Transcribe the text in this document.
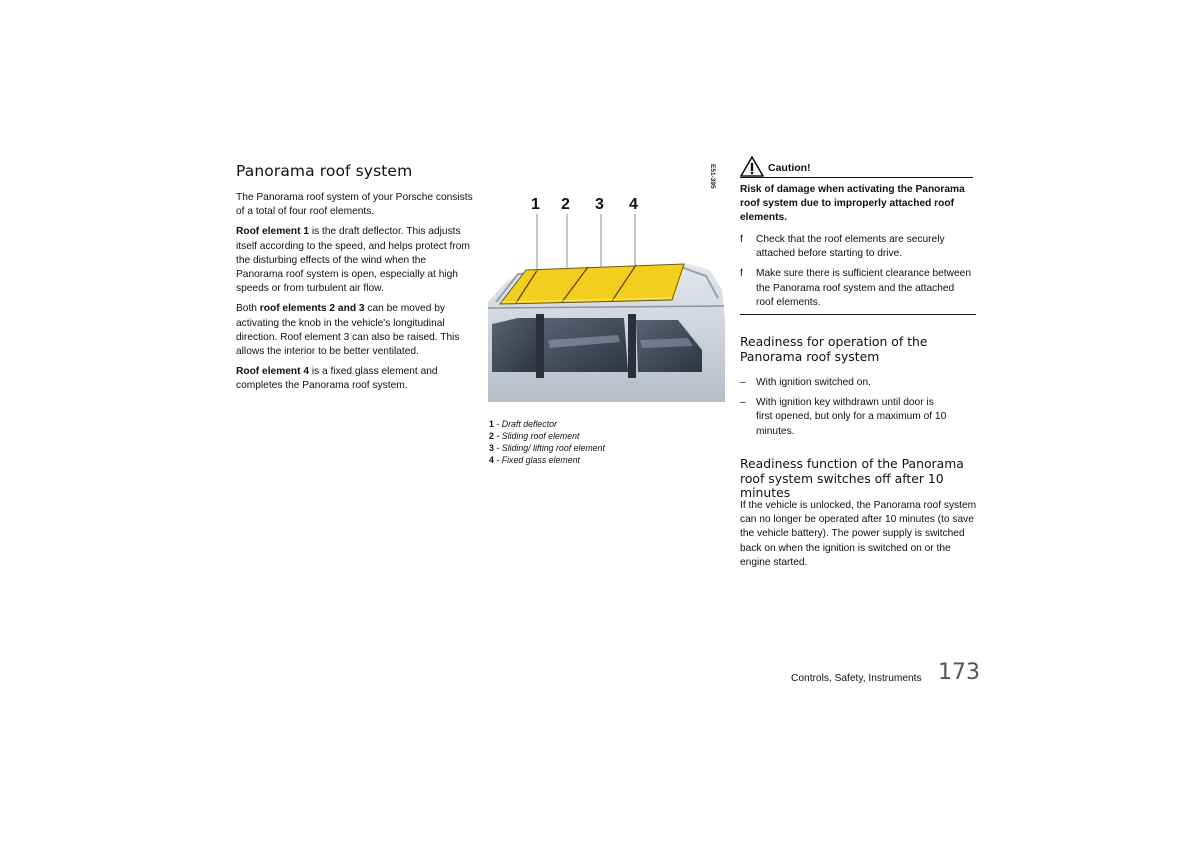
Panorama roof system

The Panorama roof system of your Porsche consists of a total of four roof elements.

Roof element 1 is the draft deflector. This adjusts itself according to the speed, and helps protect from the disturbing effects of the wind when the Panorama roof system is open, especially at high speeds or from turbulent air flow.

Both roof elements 2 and 3 can be moved by activating the knob in the vehicle's longitudinal direction. Roof element 3 can also be raised. This allows the interior to be better ventilated.

Roof element 4 is a fixed glass element and completes the Panorama roof system.

1 2 3 4
E51-395
1 - Draft deflector
2 - Sliding roof element
3 - Sliding/ lifting roof element
4 - Fixed glass element
Caution!
Risk of damage when activating the Panorama roof system due to improperly attached roof elements.
f Check that the roof elements are securely attached before starting to drive.
f Make sure there is sufficient clearance between the Panorama roof system and the attached roof elements.
Readiness for operation of the Panorama roof system
– With ignition switched on.
– With ignition key withdrawn until door is first opened, but only for a maximum of 10 minutes.
Readiness function of the Panorama roof system switches off after 10 minutes
If the vehicle is unlocked, the Panorama roof system can no longer be operated after 10 minutes (to save the vehicle battery). The power supply is switched back on when the ignition is switched on or the engine started.
Controls, Safety, Instruments 173
